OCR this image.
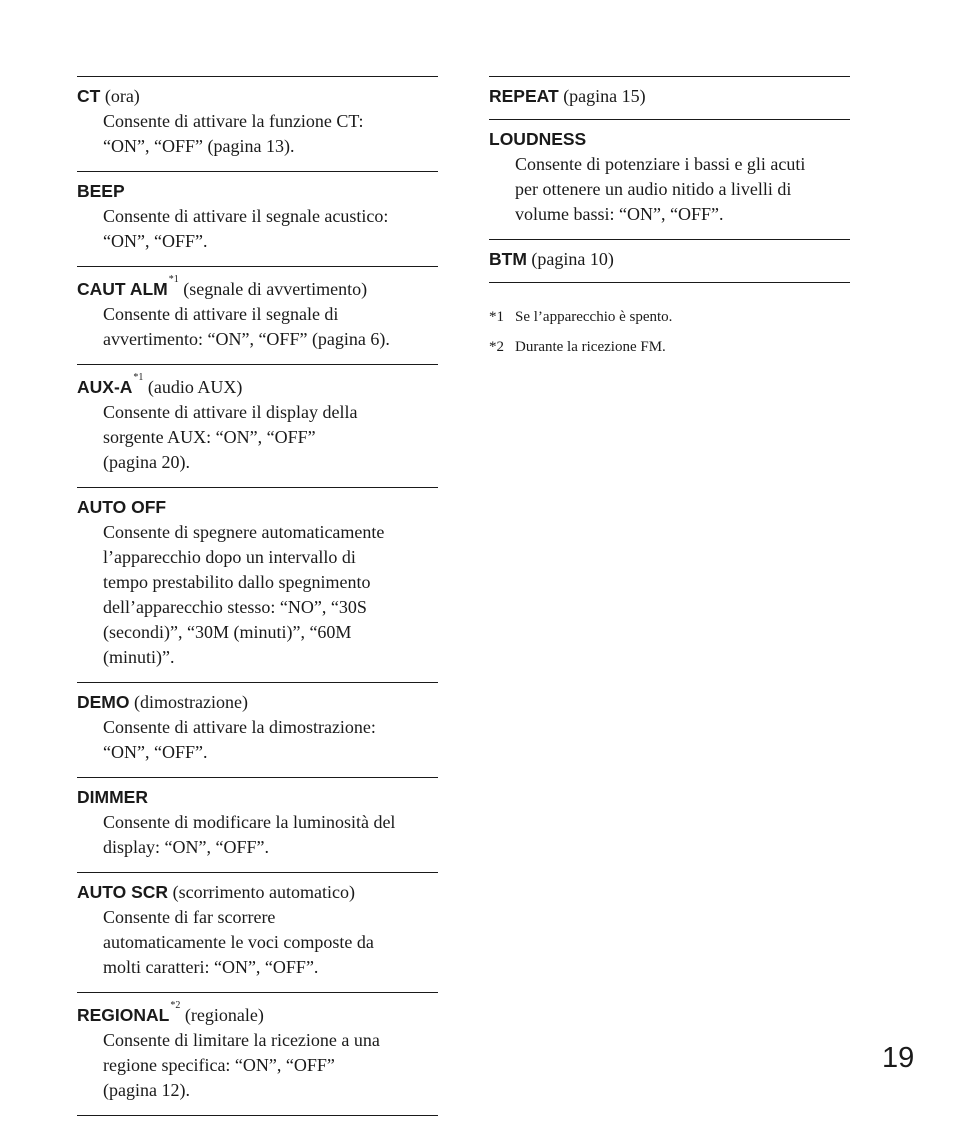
CT (ora)
Consente di attivare la funzione CT:
“ON”, “OFF” (pagina 13).
BEEP
Consente di attivare il segnale acustico:
“ON”, “OFF”.
CAUT ALM$^{*1}$ (segnale di avvertimento)
Consente di attivare il segnale di
avvertimento: “ON”, “OFF” (pagina 6).
AUX-A$^{*1}$ (audio AUX)
Consente di attivare il display della
sorgente AUX: “ON”, “OFF”
(pagina 20).
AUTO OFF
Consente di spegnere automaticamente
l’apparecchio dopo un intervallo di
tempo prestabilito dallo spegnimento
dell’apparecchio stesso: “NO”, “30S
(secondi)”, “30M (minuti)”, “60M
(minuti)”.
DEMO (dimostrazione)
Consente di attivare la dimostrazione:
“ON”, “OFF”.
DIMMER
Consente di modificare la luminosità del
display: “ON”, “OFF”.
AUTO SCR (scorrimento automatico)
Consente di far scorrere
automaticamente le voci composte da
molti caratteri: “ON”, “OFF”.
REGIONAL$^{*2}$ (regionale)
Consente di limitare la ricezione a una
regione specifica: “ON”, “OFF”
(pagina 12).
REPEAT (pagina 15)
LOUDNESS
Consente di potenziare i bassi e gli acuti
per ottenere un audio nitido a livelli di
volume bassi: “ON”, “OFF”.
BTM (pagina 10)
*1 Se l’apparecchio è spento.
*2 Durante la ricezione FM.
19
